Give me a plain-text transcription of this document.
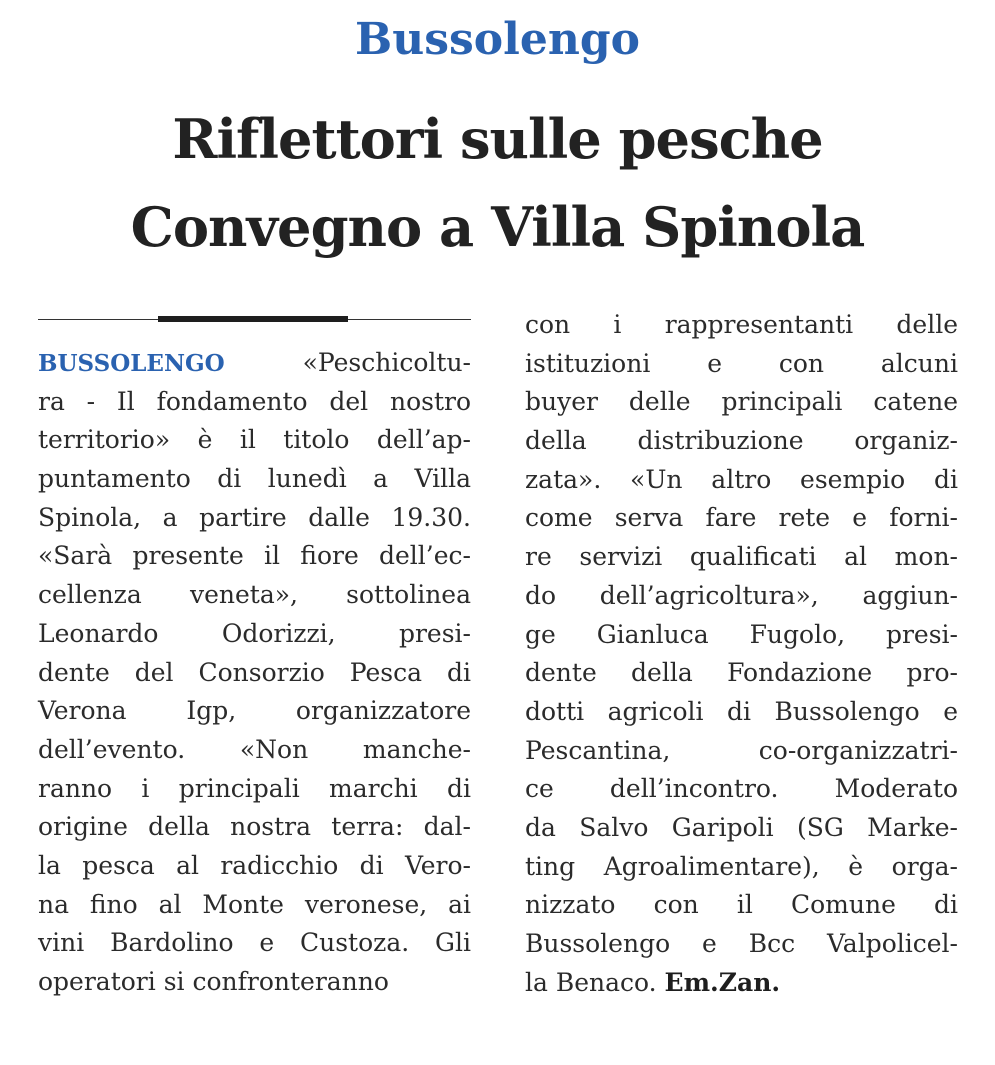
Bussolengo
Riflettori sulle pesche
Convegno a Villa Spinola
BUSSOLENGO	«Peschicoltu-
ra - Il fondamento del nostro
territorio» è il titolo dell’ap-
puntamento di lunedì a Villa
Spinola, a partire dalle 19.30.
«Sarà presente il fiore dell’ec-
cellenza veneta», sottolinea
Leonardo Odorizzi, presi-
dente del Consorzio Pesca di
Verona Igp, organizzatore
dell’evento. «Non manche-
ranno i principali marchi di
origine della nostra terra: dal-
la pesca al radicchio di Vero-
na fino al Monte veronese, ai
vini Bardolino e Custoza. Gli
operatori si confronteranno
con i rappresentanti delle
istituzioni e con alcuni
buyer delle principali catene
della distribuzione organiz-
zata». «Un altro esempio di
come serva fare rete e forni-
re servizi qualificati al mon-
do dell’agricoltura», aggiun-
ge Gianluca Fugolo, presi-
dente della Fondazione pro-
dotti agricoli di Bussolengo e
Pescantina, co-organizzatri-
ce dell’incontro. Moderato
da Salvo Garipoli (SG Marke-
ting Agroalimentare), è orga-
nizzato con il Comune di
Bussolengo e Bcc Valpolicel-
la Benaco. Em.Zan.
